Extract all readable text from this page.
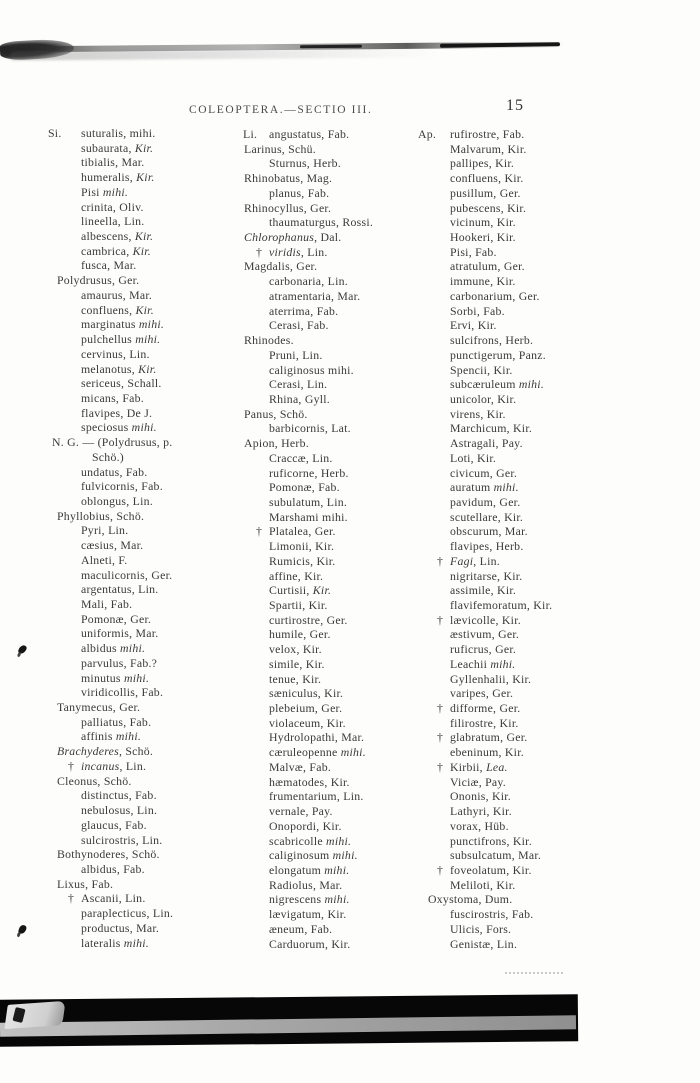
COLEOPTERA.—SECTIO III.	15
Si. suturalis, mihi.
subaurata, Kir.
tibialis, Mar.
humeralis, Kir.
Pisi mihi.
crinita, Oliv.
lineella, Lin.
albescens, Kir.
cambrica, Kir.
fusca, Mar.
Polydrusus, Ger.
amaurus, Mar.
confluens, Kir.
marginatus mihi.
pulchellus mihi.
cervinus, Lin.
melanotus, Kir.
sericeus, Schall.
micans, Fab.
flavipes, De J.
speciosus mihi.
N. G. — (Polydrusus, p.
Schö.)
undatus, Fab.
fulvicornis, Fab.
oblongus, Lin.
Phyllobius, Schö.
Pyri, Lin.
cæsius, Mar.
Alneti, F.
maculicornis, Ger.
argentatus, Lin.
Mali, Fab.
Pomonæ, Ger.
uniformis, Mar.
albidus mihi.
parvulus, Fab.?
minutus mihi.
viridicollis, Fab.
Tanymecus, Ger.
palliatus, Fab.
affinis mihi.
Brachyderes, Schö.
† incanus, Lin.
Cleonus, Schö.
distinctus, Fab.
nebulosus, Lin.
glaucus, Fab.
sulcirostris, Lin.
Bothynoderes, Schö.
albidus, Fab.
Lixus, Fab.
† Ascanii, Lin.
paraplecticus, Lin.
productus, Mar.
lateralis mihi.
Li. angustatus, Fab.
Larinus, Schü.
Sturnus, Herb.
Rhinobatus, Mag.
planus, Fab.
Rhinocyllus, Ger.
thaumaturgus, Rossi.
Chlorophanus, Dal.
† viridis, Lin.
Magdalis, Ger.
carbonaria, Lin.
atramentaria, Mar.
aterrima, Fab.
Cerasi, Fab.
Rhinodes.
Pruni, Lin.
caliginosus mihi.
Cerasi, Lin.
Rhina, Gyll.
Panus, Schö.
barbicornis, Lat.
Apion, Herb.
Craccæ, Lin.
ruficorne, Herb.
Pomonæ, Fab.
subulatum, Lin.
Marshami mihi.
† Platalea, Ger.
Limonii, Kir.
Rumicis, Kir.
affine, Kir.
Curtisii, Kir.
Spartii, Kir.
curtirostre, Ger.
humile, Ger.
velox, Kir.
simile, Kir.
tenue, Kir.
sæniculus, Kir.
plebeium, Ger.
violaceum, Kir.
Hydrolopathi, Mar.
cæruleopenne mihi.
Malvæ, Fab.
hæmatodes, Kir.
frumentarium, Lin.
vernale, Pay.
Onopordi, Kir.
scabricolle mihi.
caliginosum mihi.
elongatum mihi.
Radiolus, Mar.
nigrescens mihi.
lævigatum, Kir.
æneum, Fab.
Carduorum, Kir.
Ap. rufirostre, Fab.
Malvarum, Kir.
pallipes, Kir.
confluens, Kir.
pusillum, Ger.
pubescens, Kir.
vicinum, Kir.
Hookeri, Kir.
Pisi, Fab.
atratulum, Ger.
immune, Kir.
carbonarium, Ger.
Sorbi, Fab.
Ervi, Kir.
sulcifrons, Herb.
punctigerum, Panz.
Spencii, Kir.
subcæruleum mihi.
unicolor, Kir.
virens, Kir.
Marchicum, Kir.
Astragali, Pay.
Loti, Kir.
civicum, Ger.
auratum mihi.
pavidum, Ger.
scutellare, Kir.
obscurum, Mar.
flavipes, Herb.
† Fagi, Lin.
nigritarse, Kir.
assimile, Kir.
flavifemoratum, Kir.
† lævicolle, Kir.
æstivum, Ger.
ruficrus, Ger.
Leachii mihi.
Gyllenhalii, Kir.
varipes, Ger.
† difforme, Ger.
filirostre, Kir.
† glabratum, Ger.
ebeninum, Kir.
† Kirbii, Lea.
Viciæ, Pay.
Ononis, Kir.
Lathyri, Kir.
vorax, Hüb.
punctifrons, Kir.
subsulcatum, Mar.
† foveolatum, Kir.
Meliloti, Kir.
Oxystoma, Dum.
fuscirostris, Fab.
Ulicis, Fors.
Genistæ, Lin.
